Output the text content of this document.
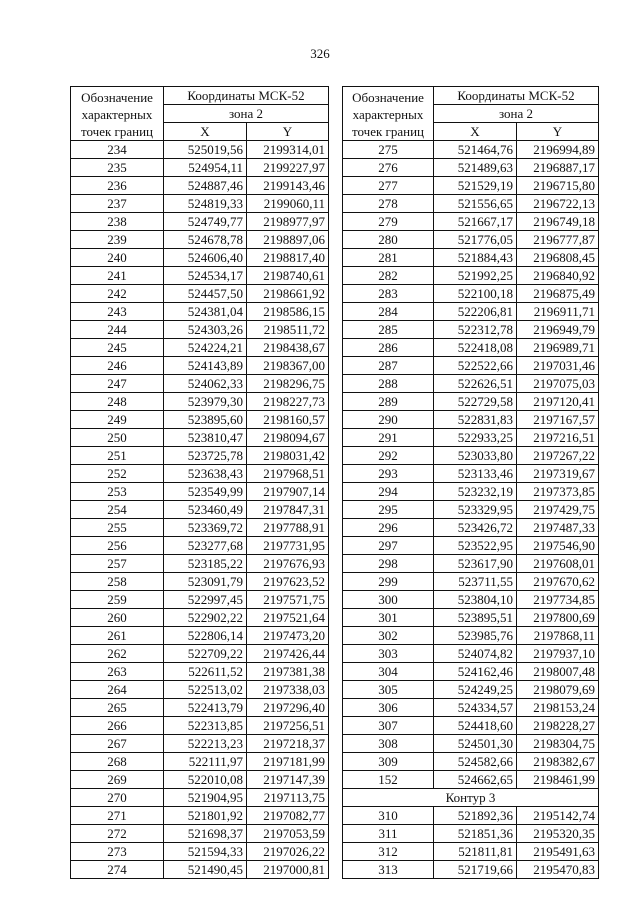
326
Обозначение
характерных
точек границ	Координаты МСК-52	
	зона 2	
	X	Y
234	525019,56	2199314,01
235	524954,11	2199227,97
236	524887,46	2199143,46
237	524819,33	2199060,11
238	524749,77	2198977,97
239	524678,78	2198897,06
240	524606,40	2198817,40
241	524534,17	2198740,61
242	524457,50	2198661,92
243	524381,04	2198586,15
244	524303,26	2198511,72
245	524224,21	2198438,67
246	524143,89	2198367,00
247	524062,33	2198296,75
248	523979,30	2198227,73
249	523895,60	2198160,57
250	523810,47	2198094,67
251	523725,78	2198031,42
252	523638,43	2197968,51
253	523549,99	2197907,14
254	523460,49	2197847,31
255	523369,72	2197788,91
256	523277,68	2197731,95
257	523185,22	2197676,93
258	523091,79	2197623,52
259	522997,45	2197571,75
260	522902,22	2197521,64
261	522806,14	2197473,20
262	522709,22	2197426,44
263	522611,52	2197381,38
264	522513,02	2197338,03
265	522413,79	2197296,40
266	522313,85	2197256,51
267	522213,23	2197218,37
268	522111,97	2197181,99
269	522010,08	2197147,39
270	521904,95	2197113,75
271	521801,92	2197082,77
272	521698,37	2197053,59
273	521594,33	2197026,22
274	521490,45	2197000,81
Обозначение
характерных
точек границ	Координаты МСК-52	
	зона 2	
	X	Y
275	521464,76	2196994,89
276	521489,63	2196887,17
277	521529,19	2196715,80
278	521556,65	2196722,13
279	521667,17	2196749,18
280	521776,05	2196777,87
281	521884,43	2196808,45
282	521992,25	2196840,92
283	522100,18	2196875,49
284	522206,81	2196911,71
285	522312,78	2196949,79
286	522418,08	2196989,71
287	522522,66	2197031,46
288	522626,51	2197075,03
289	522729,58	2197120,41
290	522831,83	2197167,57
291	522933,25	2197216,51
292	523033,80	2197267,22
293	523133,46	2197319,67
294	523232,19	2197373,85
295	523329,95	2197429,75
296	523426,72	2197487,33
297	523522,95	2197546,90
298	523617,90	2197608,01
299	523711,55	2197670,62
300	523804,10	2197734,85
301	523895,51	2197800,69
302	523985,76	2197868,11
303	524074,82	2197937,10
304	524162,46	2198007,48
305	524249,25	2198079,69
306	524334,57	2198153,24
307	524418,60	2198228,27
308	524501,30	2198304,75
309	524582,66	2198382,67
152	524662,65	2198461,99
Контур 3		
310	521892,36	2195142,74
311	521851,36	2195320,35
312	521811,81	2195491,63
313	521719,66	2195470,83
